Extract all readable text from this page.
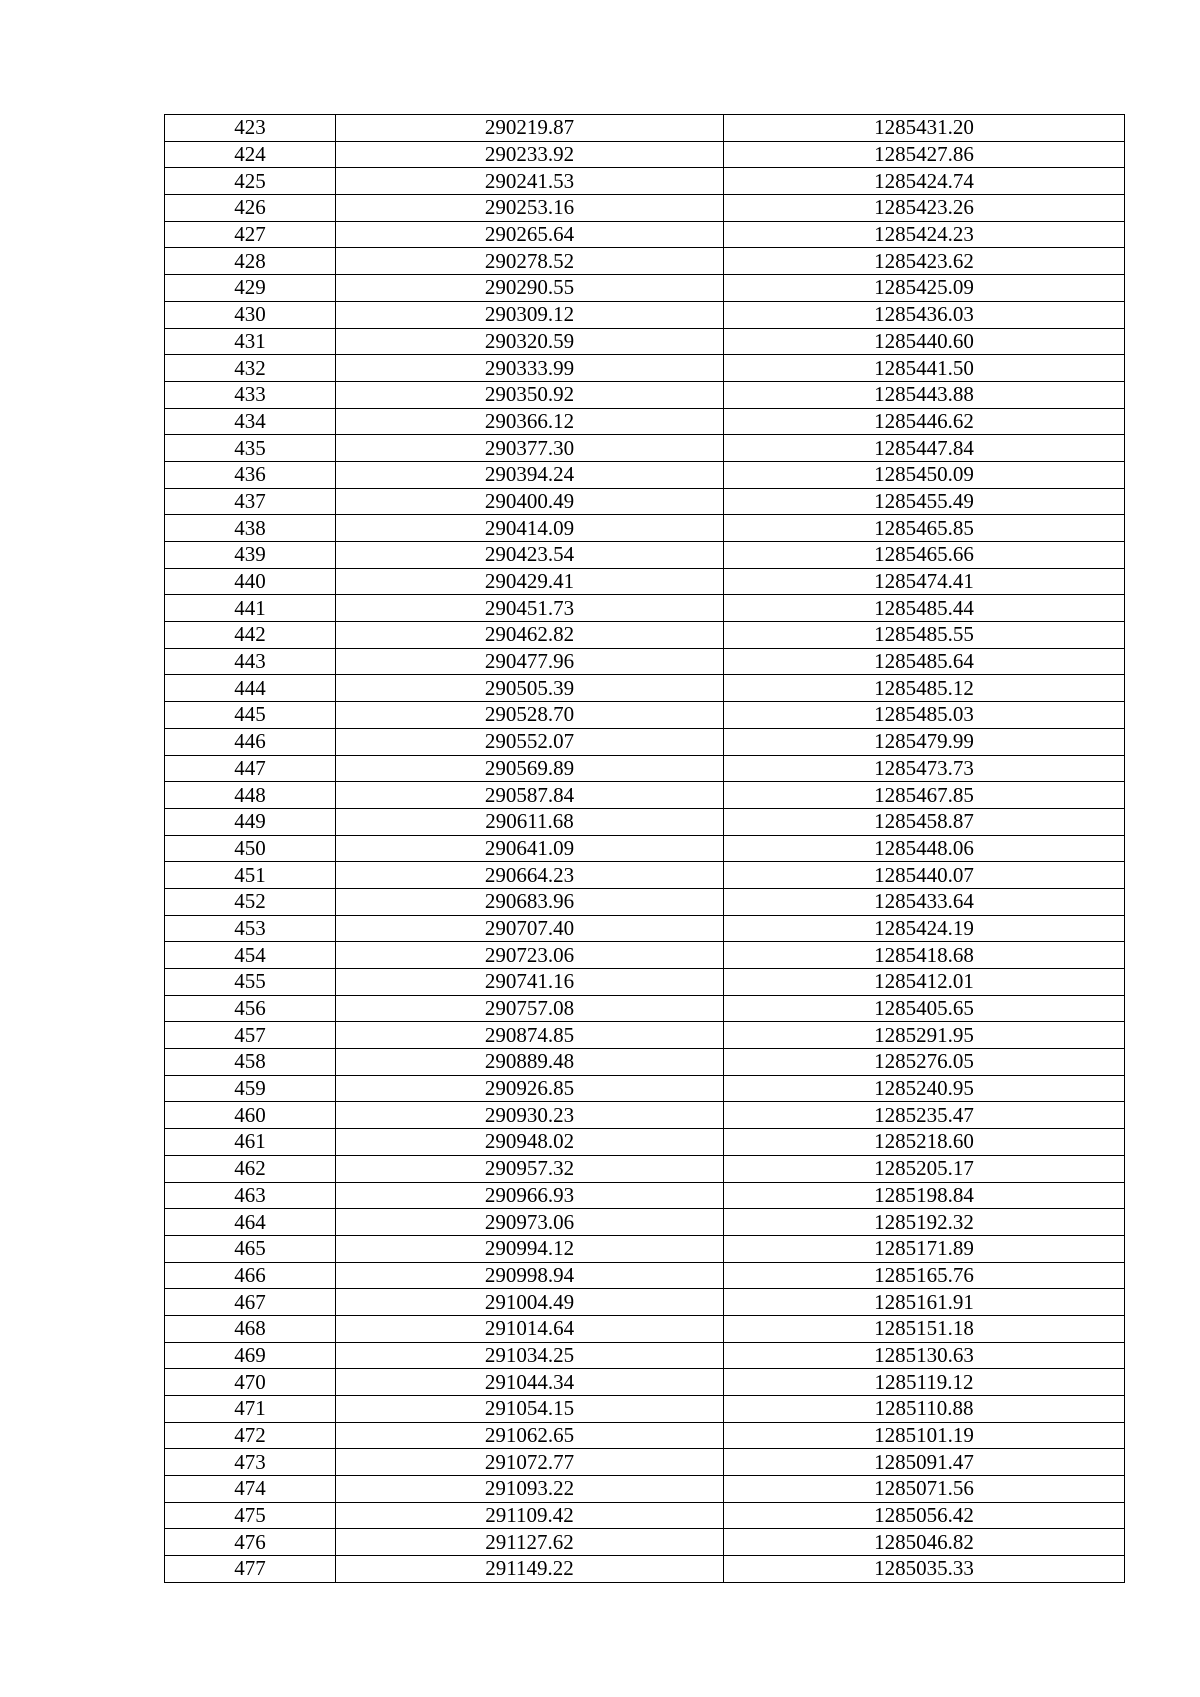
423	290219.87	1285431.20
424	290233.92	1285427.86
425	290241.53	1285424.74
426	290253.16	1285423.26
427	290265.64	1285424.23
428	290278.52	1285423.62
429	290290.55	1285425.09
430	290309.12	1285436.03
431	290320.59	1285440.60
432	290333.99	1285441.50
433	290350.92	1285443.88
434	290366.12	1285446.62
435	290377.30	1285447.84
436	290394.24	1285450.09
437	290400.49	1285455.49
438	290414.09	1285465.85
439	290423.54	1285465.66
440	290429.41	1285474.41
441	290451.73	1285485.44
442	290462.82	1285485.55
443	290477.96	1285485.64
444	290505.39	1285485.12
445	290528.70	1285485.03
446	290552.07	1285479.99
447	290569.89	1285473.73
448	290587.84	1285467.85
449	290611.68	1285458.87
450	290641.09	1285448.06
451	290664.23	1285440.07
452	290683.96	1285433.64
453	290707.40	1285424.19
454	290723.06	1285418.68
455	290741.16	1285412.01
456	290757.08	1285405.65
457	290874.85	1285291.95
458	290889.48	1285276.05
459	290926.85	1285240.95
460	290930.23	1285235.47
461	290948.02	1285218.60
462	290957.32	1285205.17
463	290966.93	1285198.84
464	290973.06	1285192.32
465	290994.12	1285171.89
466	290998.94	1285165.76
467	291004.49	1285161.91
468	291014.64	1285151.18
469	291034.25	1285130.63
470	291044.34	1285119.12
471	291054.15	1285110.88
472	291062.65	1285101.19
473	291072.77	1285091.47
474	291093.22	1285071.56
475	291109.42	1285056.42
476	291127.62	1285046.82
477	291149.22	1285035.33
